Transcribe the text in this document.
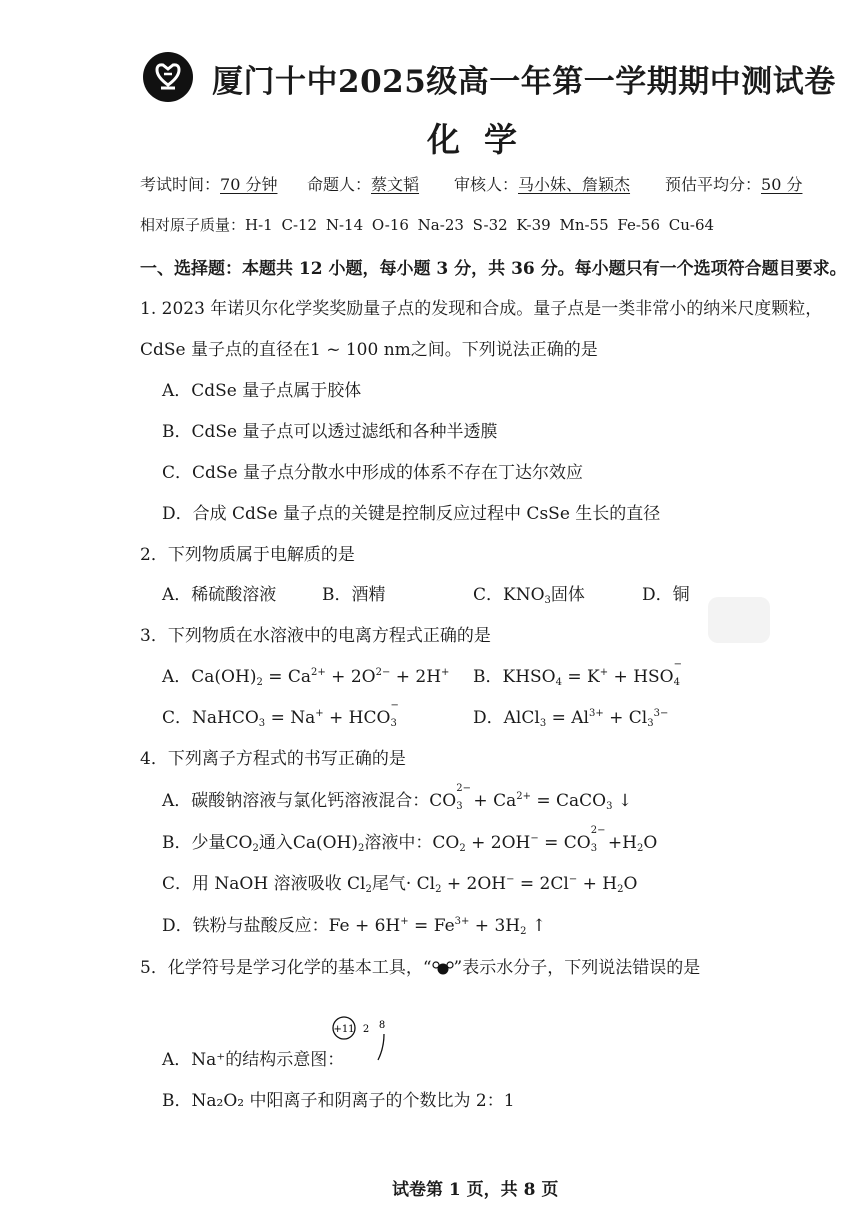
厦门十中2025级高一年第一学期期中测试卷
化学
考试时间：70 分钟 命题人：蔡文韬 审核人：马小妹、詹颖杰 预估平均分：50 分
相对原子质量：H-1 C-12 N-14 O-16 Na-23 S-32 K-39 Mn-55 Fe-56 Cu-64
一、选择题：本题共 12 小题，每小题 3 分，共 36 分。每小题只有一个选项符合题目要求。
1. 2023 年诺贝尔化学奖奖励量子点的发现和合成。量子点是一类非常小的纳米尺度颗粒，
CdSe 量子点的直径在1 ~ 100 nm之间。下列说法正确的是
A．CdSe 量子点属于胶体
B．CdSe 量子点可以透过滤纸和各种半透膜
C．CdSe 量子点分散水中形成的体系不存在丁达尔效应
D．合成 CdSe 量子点的关键是控制反应过程中 CsSe 生长的直径
2．下列物质属于电解质的是
A．稀硫酸溶液	B．酒精	C．$KNO_3$固体	D．铜
3．下列物质在水溶液中的电离方程式正确的是
A．$Ca(OH)_2 = Ca^{2+} + 2O^{2-} + 2H^+$ B．$KHSO_4 = K^+$ + HSO
−
$_4$
C．NaHCO$_3$ = Na+ + HCO
−
$_3$	D．AlCl$_3$ = $Al^{3+} + Cl_3^{3-}$
4．下列离子方程式的书写正确的是
A．碳酸钠溶液与氯化钙溶液混合：CO
2−
$_3 + Ca^{2+}$ = CaCO$_3$ ↓
B．少量$CO_2$通入$Ca(OH)_2$溶液中：$CO_2 + 2OH^-$ = CO
2−
$_3 +H_2O$
C．用 NaOH 溶液吸收 $Cl_2$尾气· $Cl_2 + 2OH^- = 2Cl^- + H_2O$
D．铁粉与盐酸反应：$Fe + 6H^+ = Fe^{3+} + 3H_2$ ↑
5．化学符号是学习化学的基本工具，“ ”表示水分子，下列说法错误的是
A．Na⁺的结构示意图：
+11 2 8
B．Na₂O₂ 中阳离子和阴离子的个数比为 2：1
试卷第 1 页，共 8 页
